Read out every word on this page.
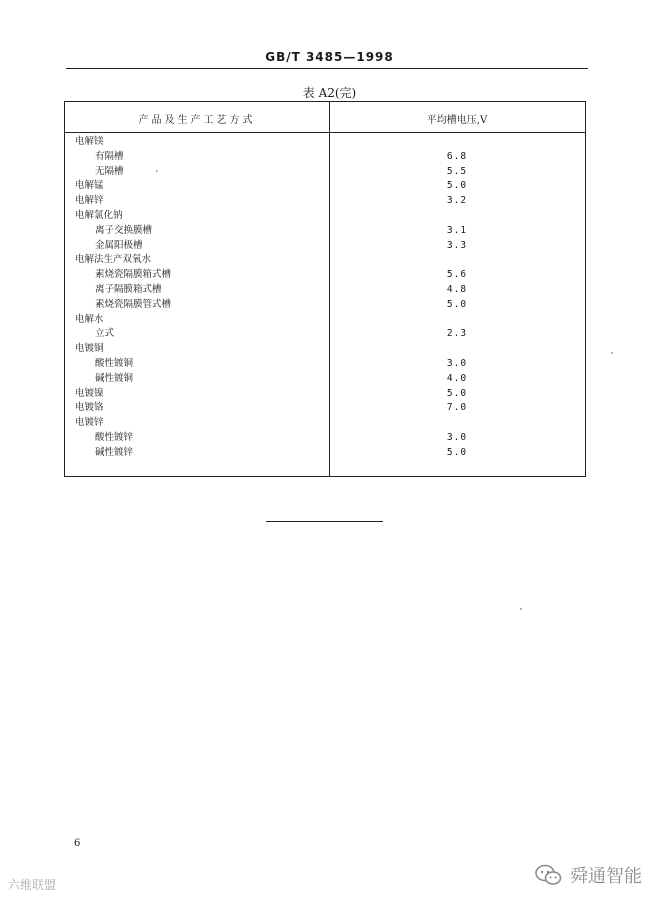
GB/T 3485—1998
表 A2(完)
产品及生产工艺方式	平均槽电压,V
电解镁
有隔槽	6.8
无隔槽	5.5
电解锰	5.0
电解锌	3.2
电解氯化钠
离子交换膜槽	3.1
金属阳极槽	3.3
电解法生产双氧水
素烧瓷隔膜箱式槽	5.6
离子隔膜箱式槽	4.8
素烧瓷隔膜管式槽	5.0
电解水
立式	2.3
电镀铜
酸性镀铜	3.0
碱性镀铜	4.0
电镀镍	5.0
电镀铬	7.0
电镀锌
酸性镀锌	3.0
碱性镀锌	5.0
ˊ
6
六维联盟	舜通智能
